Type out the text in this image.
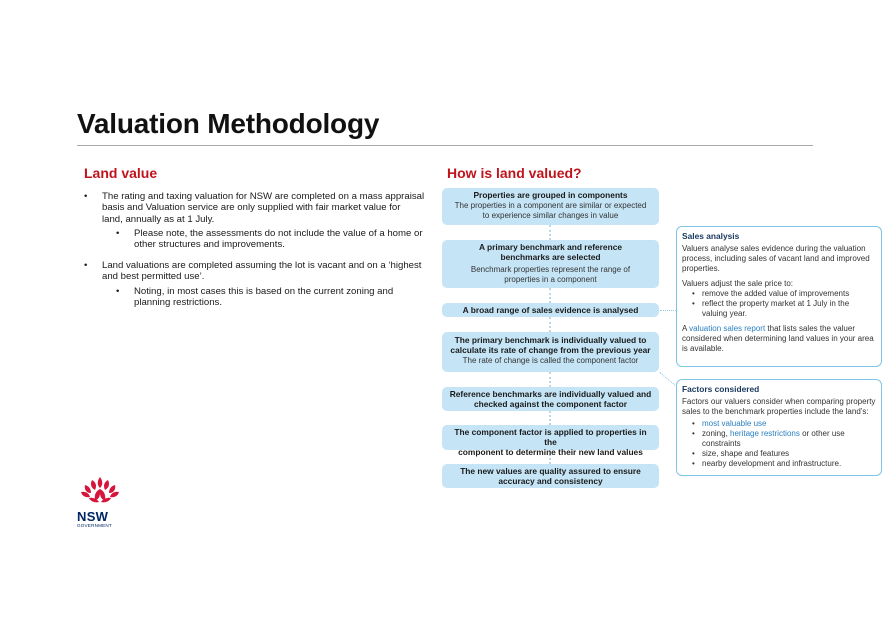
Valuation Methodology
Land value
• The rating and taxing valuation for NSW are completed on a mass appraisal
basis and Valuation service are only supplied with fair market value for
land, annually as at 1 July.
• Please note, the assessments do not include the value of a home or
other structures and improvements.
• Land valuations are completed assuming the lot is vacant and on a ‘highest
and best permitted use’.
• Noting, in most cases this is based on the current zoning and
planning restrictions.
How is land valued?
Properties are grouped in components
The properties in a component are similar or expected
to experience similar changes in value
A primary benchmark and reference
benchmarks are selected
Benchmark properties represent the range of
properties in a component
A broad range of sales evidence is analysed
The primary benchmark is individually valued to
calculate its rate of change from the previous year
The rate of change is called the component factor
Reference benchmarks are individually valued and
checked against the component factor
The component factor is applied to properties in the
component to determine their new land values
The new values are quality assured to ensure
accuracy and consistency
Sales analysis

Valuers analyse sales evidence during the valuation
process, including sales of vacant land and improved
properties.

Valuers adjust the sale price to:

• remove the added value of improvements
• reflect the property market at 1 July in the
valuing year.

A valuation sales report that lists sales the valuer
considered when determining land values in your area
is available.

Factors considered

Factors our valuers consider when comparing property
sales to the benchmark properties include the land’s:

• most valuable use
• zoning, heritage restrictions or other use
constraints
• size, shape and features
• nearby development and infrastructure.
NSW
GOVERNMENT
